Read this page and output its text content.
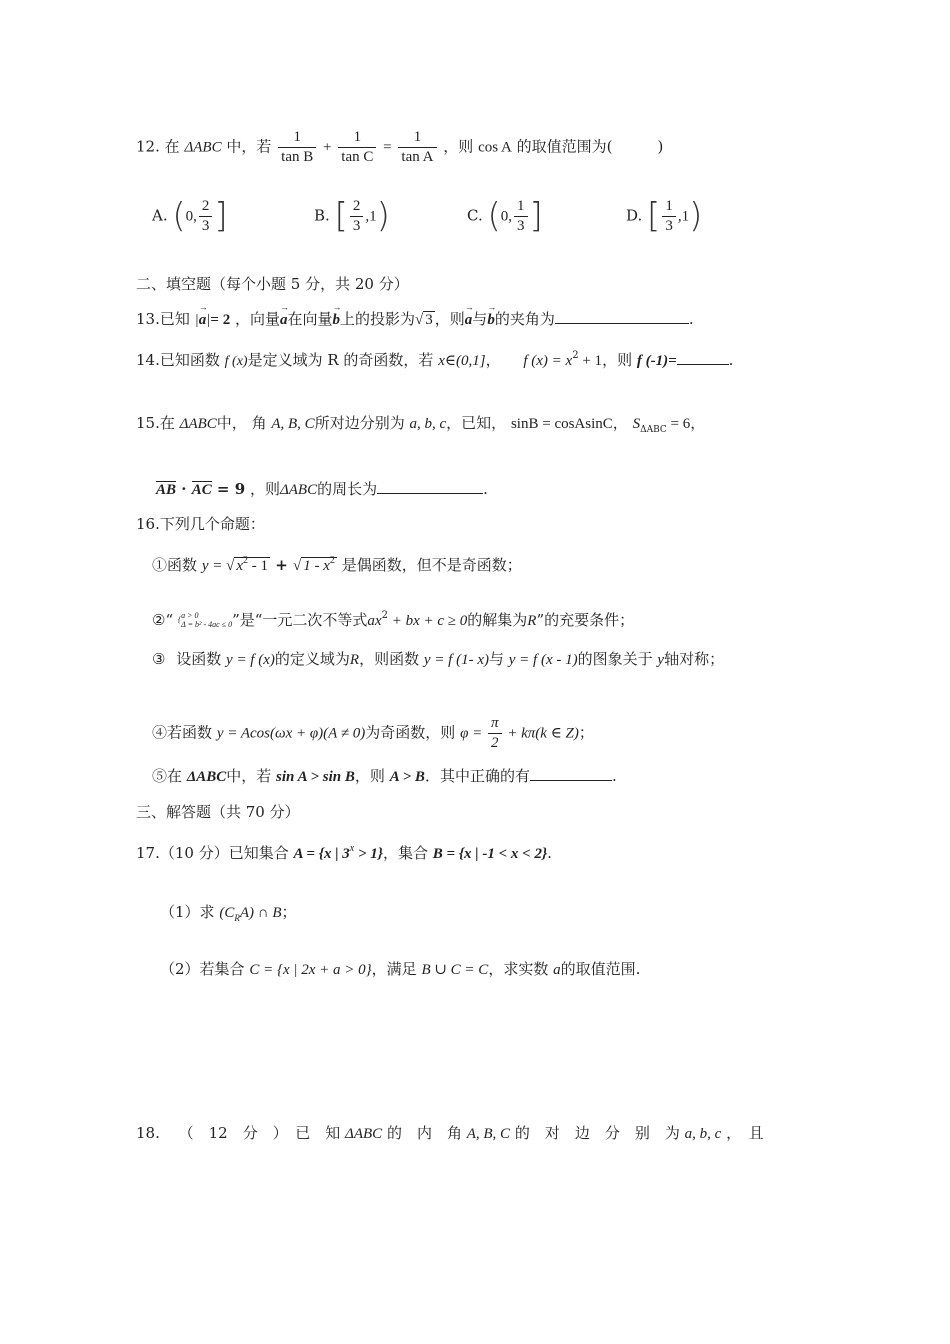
12. 在 ΔABC 中，若 $\frac{1}{\text{tan B}} + \frac{1}{\text{tan C}} = \frac{1}{\text{tan A}}$ ，则 cos A 的取值范围为(　　　)
A. (0, $\frac{2}{3}$ ]	B. [ $\frac{2}{3} ,1$)	C. (0, $\frac{1}{3}$ ]	D. [ $\frac{1}{3} ,1$)
二、填空题（每个小题 5 分，共 20 分）
13.已知 |→ a|= 2 ，向量→ a在向量→ b上的投影为√ 3 ，则→ a与→ b的夹角为	.
14.已知函数 f (x)是定义域为 R 的奇函数，若 x∈(0,1]， f $(x) = x^2 + 1$，则 f (-1)=	.
15.在 ΔABC中， 角 A, B, C所对边分别为 a, b, c，已知， sinB = cosAsinC， $S_{\Delta ABC} = 6$，
AB · AC = 9 ，则ΔABC的周长为	.
16.下列几个命题：
①函数 y = √ $x^2 - 1$ + √ $1 - x^2$ 是偶函数，但不是奇函数；
②“ {
a > 0
Δ = b² - 4ac ≤ 0 ”是“一元二次不等式$ax^2$ + bx + c ≥ 0的解集为R”的充要条件；
③ 设函数 y = f (x)的定义域为R，则函数 y = f (1- x)与 y = f (x - 1)的图象关于 y轴对称；
④若函数 y = Acos(ωx + φ)(A ≠ 0)为奇函数，则 $\varphi = \frac{\pi}{2} + k\pi(k$ ∈ Z)；
⑤在 ΔABC中，若 sin A > sin B，则 A > B．其中正确的有	.
三、解答题（共 70 分）
17.（10 分）已知集合 A = {x | $3^x > 1$}，集合 B = {x | -1 < x < 2}.
（1）求 $(C_RA)$ ∩ B；
（2）若集合 C = {x | 2x + a > 0}，满足 B ∪ C = C，求实数 a的取值范围.
18. （　12　分　）　已　知 ΔABC 的　内　角 A, B, C 的　对　边　分　别　为 a, b, c ，　且
